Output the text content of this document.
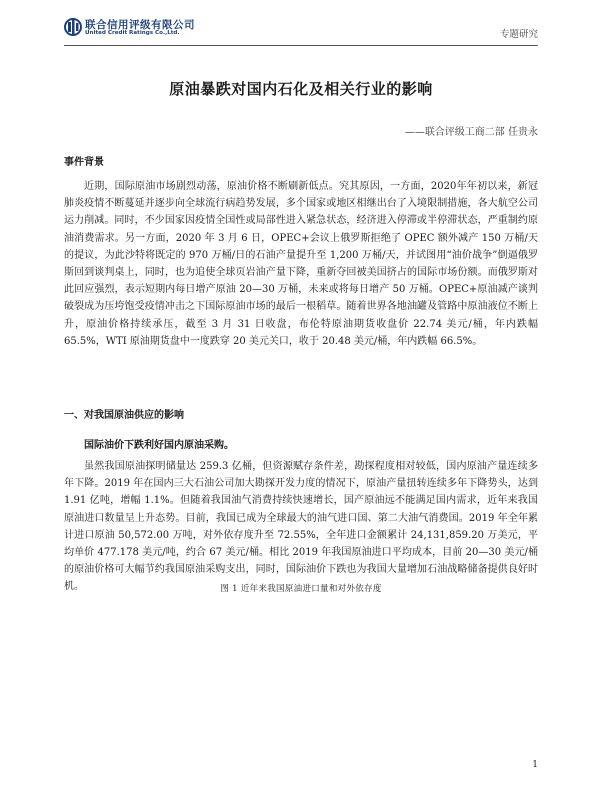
联合信用评级有限公司
United Credit Ratings Co.,Ltd.	专题研究
原油暴跌对国内石化及相关行业的影响
——联合评级工商二部 任贵永
事件背景

近期，国际原油市场剧烈动荡，原油价格不断刷新低点。究其原因，一方面，2020年年初以来，新冠肺炎疫情不断蔓延并逐步向全球流行病趋势发展，多个国家或地区相继出台了入境限制措施，各大航空公司运力削减。同时，不少国家因疫情全国性或局部性进入紧急状态，经济进入停滞或半停滞状态，严重制约原油消费需求。另一方面，2020 年 3 月 6 日，OPEC+会议上俄罗斯拒绝了 OPEC 额外减产 150 万桶/天的提议，为此沙特将既定的 970 万桶/日的石油产量提升至 1,200 万桶/天，并试图用“油价战争”倒逼俄罗斯回到谈判桌上，同时，也为追使全球页岩油产量下降，重新夺回被美国挤占的国际市场份额。而俄罗斯对此回应强烈，表示短期内每日增产原油 20—30 万桶，未来或将每日增产 50 万桶。OPEC+原油减产谈判破裂成为压垮饱受疫情冲击之下国际原油市场的最后一根稻草。随着世界各地油罐及管路中原油液位不断上升，原油价格持续承压，截至 3 月 31 日收盘，布伦特原油期货收盘价 22.74 美元/桶，年内跌幅 65.5%，WTI 原油期货盘中一度跌穿 20 美元关口，收于 20.48 美元/桶，年内跌幅 66.5%。

一、对我国原油供应的影响
国际油价下跌利好国内原油采购。

虽然我国原油探明储量达 259.3 亿桶，但资源赋存条件差，勘探程度相对较低，国内原油产量连续多年下降。2019 年在国内三大石油公司加大勘探开发力度的情况下，原油产量扭转连续多年下降势头，达到 1.91 亿吨，增幅 1.1%。但随着我国油气消费持续快速增长，国产原油远不能满足国内需求，近年来我国原油进口数量呈上升态势。目前，我国已成为全球最大的油气进口国、第二大油气消费国。2019 年全年累计进口原油 50,572.00 万吨，对外依存度升至 72.55%，全年进口金额累计 24,131,859.20 万美元，平均单价 477.178 美元/吨，约合 67 美元/桶。相比 2019 年我国原油进口平均成本，目前 20—30 美元/桶的原油价格可大幅节约我国原油采购支出，同时，国际油价下跌也为我国大量增加石油战略储备提供良好时机。	图 1 近年来我国原油进口量和对外依存度
1
